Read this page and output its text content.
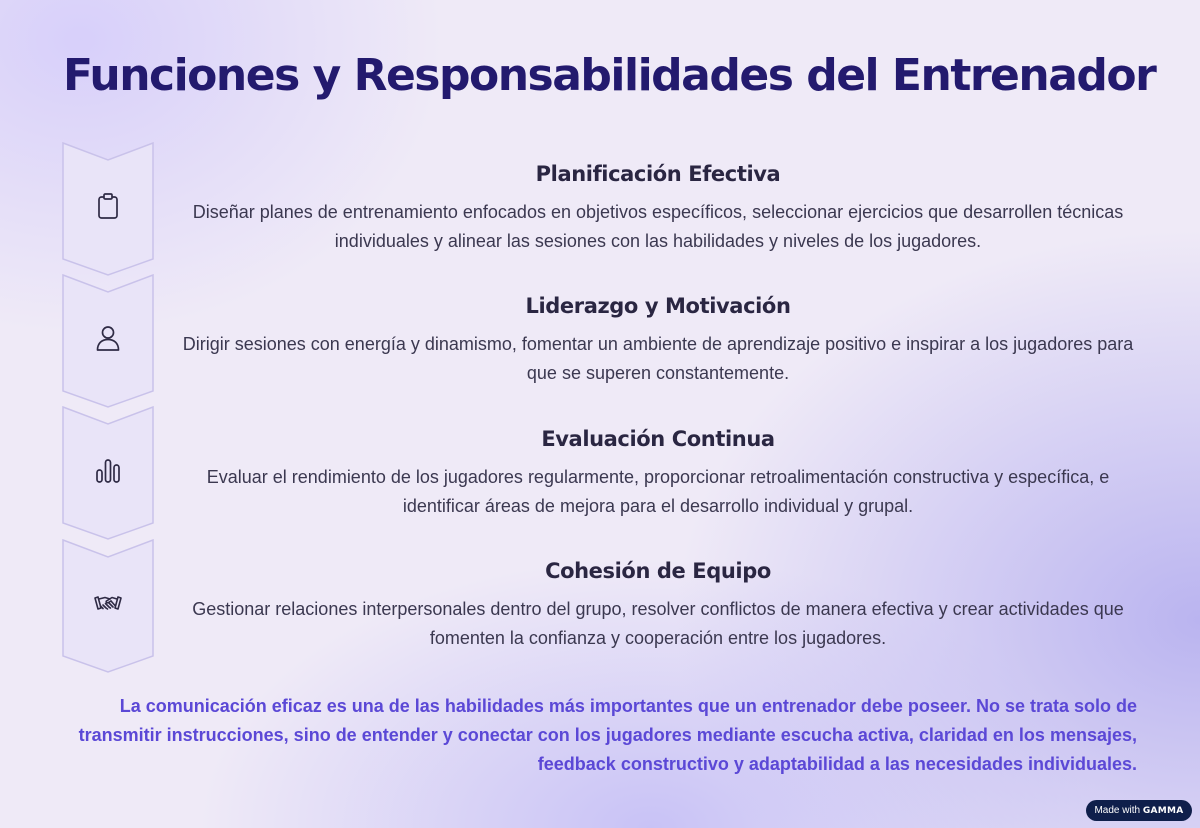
Funciones y Responsabilidades del Entrenador
Planificación Efectiva

Diseñar planes de entrenamiento enfocados en objetivos específicos, seleccionar ejercicios que desarrollen técnicas individuales y alinear las sesiones con las habilidades y niveles de los jugadores.

Liderazgo y Motivación

Dirigir sesiones con energía y dinamismo, fomentar un ambiente de aprendizaje positivo e inspirar a los jugadores para que se superen constantemente.

Evaluación Continua

Evaluar el rendimiento de los jugadores regularmente, proporcionar retroalimentación constructiva y específica, e identificar áreas de mejora para el desarrollo individual y grupal.

Cohesión de Equipo

Gestionar relaciones interpersonales dentro del grupo, resolver conflictos de manera efectiva y crear actividades que fomenten la confianza y cooperación entre los jugadores.

La comunicación eficaz es una de las habilidades más importantes que un entrenador debe poseer. No se trata solo de transmitir instrucciones, sino de entender y conectar con los jugadores mediante escucha activa, claridad en los mensajes, feedback constructivo y adaptabilidad a las necesidades individuales.

Made with GAMMA
